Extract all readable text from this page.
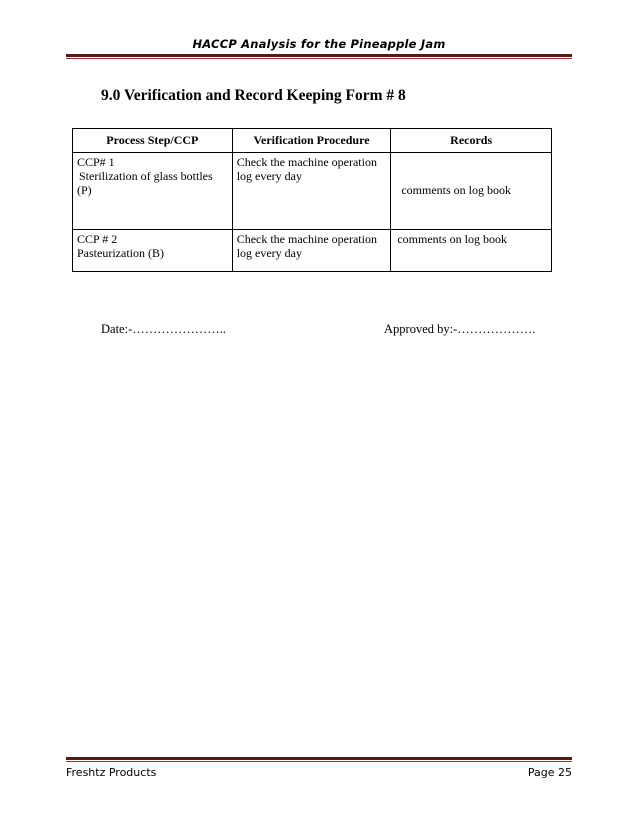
HACCP Analysis for the Pineapple Jam
9.0 Verification and Record Keeping Form # 8
Process Step/CCP	Verification Procedure	Records

CCP# 1
Sterilization of glass bottles
(P)	Check the machine operation log every day	comments on log book

CCP # 2
Pasteurization (B)	Check the machine operation log every day	comments on log book
Date:-…………………..	Approved by:-……………….
Freshtz Products	Page 25
